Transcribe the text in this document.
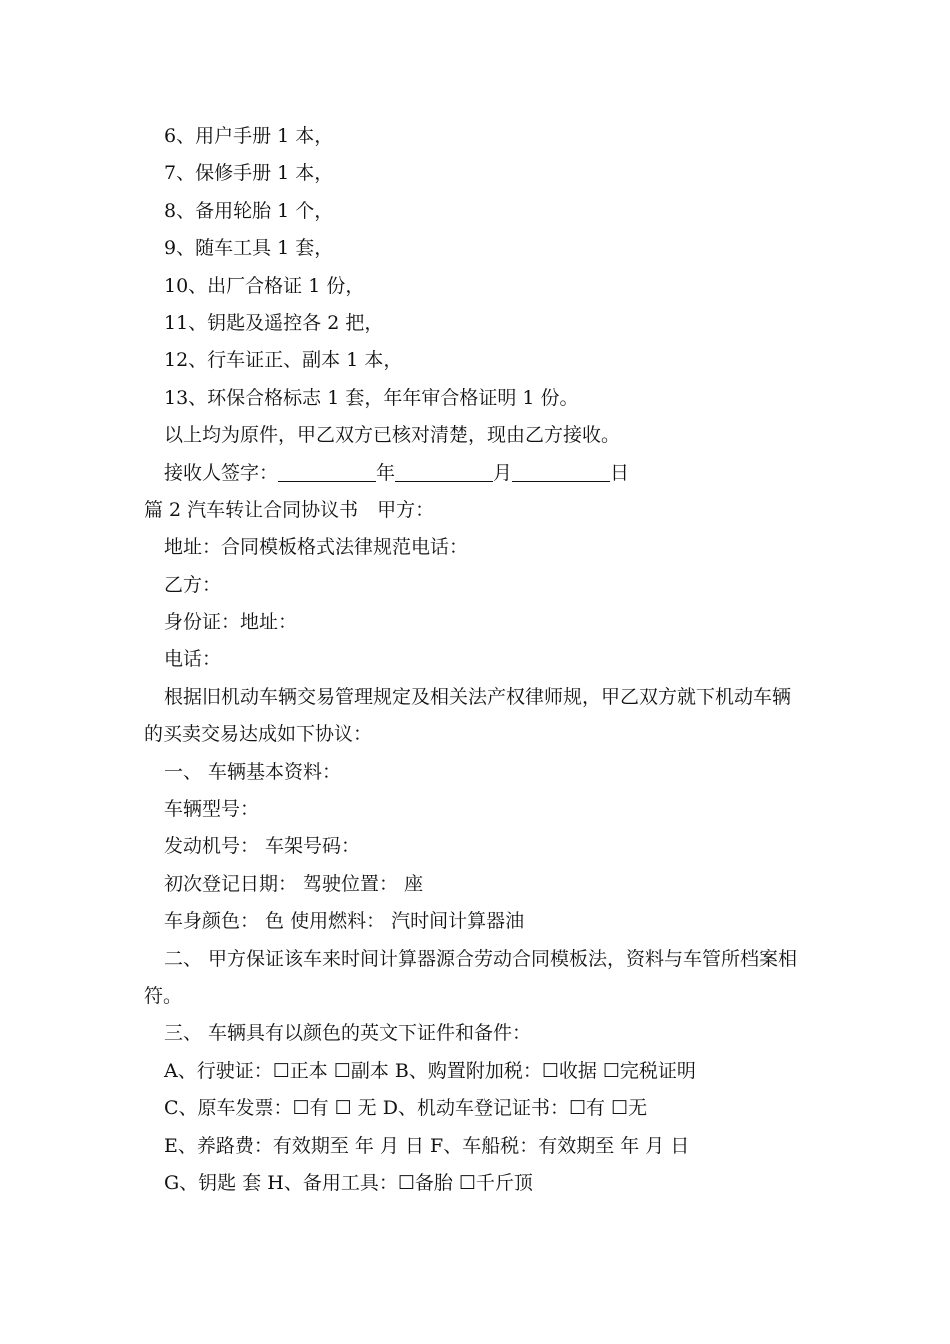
6、用户手册 1 本，
7、保修手册 1 本，
8、备用轮胎 1 个，
9、随车工具 1 套，
10、出厂合格证 1 份，
11、钥匙及遥控各 2 把，
12、行车证正、副本 1 本，
13、环保合格标志 1 套，年年审合格证明 1 份。
以上均为原件，甲乙双方已核对清楚，现由乙方接收。
接收人签字：	年	月	日
篇 2 汽车转让合同协议书　甲方：
地址：合同模板格式法律规范电话：
乙方：
身份证：地址：
电话：
根据旧机动车辆交易管理规定及相关法产权律师规，甲乙双方就下机动车辆的买卖交易达成如下协议：
一、 车辆基本资料：
车辆型号：
发动机号： 车架号码：
初次登记日期： 驾驶位置： 座
车身颜色： 色 使用燃料： 汽时间计算器油
二、 甲方保证该车来时间计算器源合劳动合同模板法，资料与车管所档案相符。
三、 车辆具有以颜色的英文下证件和备件：
A、行驶证：☐正本 ☐副本 B、购置附加税：☐收据 ☐完税证明
C、原车发票：☐有 ☐ 无 D、机动车登记证书：☐有 ☐无
E、养路费：有效期至 年 月 日 F、车船税：有效期至 年 月 日
G、钥匙 套 H、备用工具：☐备胎 ☐千斤顶
